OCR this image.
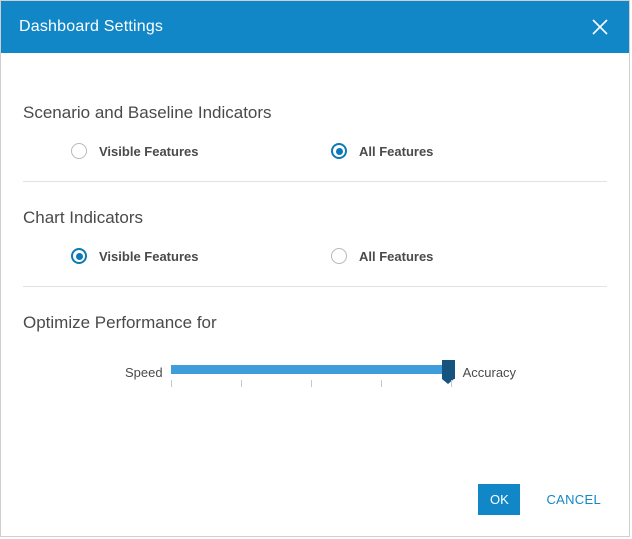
Dashboard Settings
Scenario and Baseline Indicators
Visible Features	All Features
Chart Indicators
Visible Features	All Features
Optimize Performance for
Speed	Accuracy
OK	CANCEL
